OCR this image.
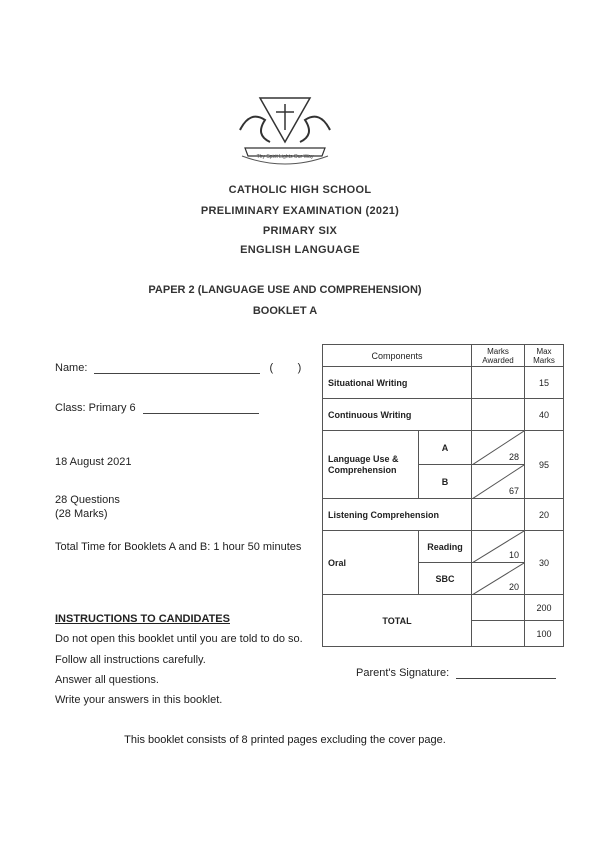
Thy Spirit Lights Our Way
CATHOLIC HIGH SCHOOL
PRELIMINARY EXAMINATION (2021)
PRIMARY SIX
ENGLISH LANGUAGE
PAPER 2 (LANGUAGE USE AND COMPREHENSION)
BOOKLET A
Name:	(        )
Class: Primary 6
18 August 2021
28 Questions
(28 Marks)
Total Time for Booklets A and B: 1 hour 50 minutes
Components		Marks Awarded	Max Marks
Situational Writing			15
Continuous Writing			40
Language Use & Comprehension	A	28	95
	B	67	

Listening Comprehension			20
Oral	Reading	10	30
	SBC	20	

TOTAL			200
			100
INSTRUCTIONS TO CANDIDATES
Do not open this booklet until you are told to do so.
Follow all instructions carefully.
Answer all questions.
Write your answers in this booklet.
Parent's Signature:
This booklet consists of 8 printed pages excluding the cover page.
